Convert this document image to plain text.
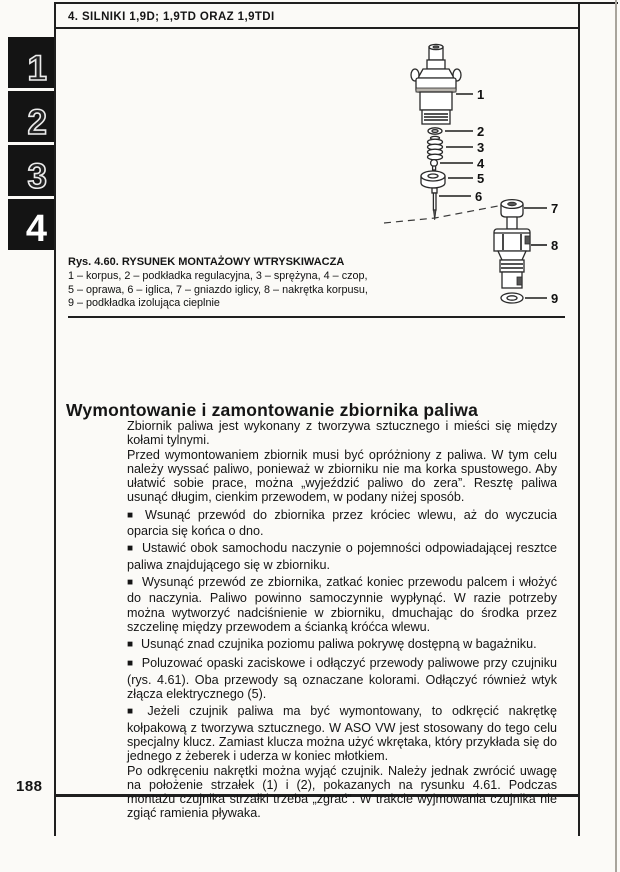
4. SILNIKI 1,9D; 1,9TD ORAZ 1,9TDI
1
2
3
4
1
2
3
4
5
6
7
8
9
Rys. 4.60. RYSUNEK MONTAŻOWY WTRYSKIWACZA
1 – korpus, 2 – podkładka regulacyjna, 3 – sprężyna, 4 – czop,
5 – oprawa, 6 – iglica, 7 – gniazdo iglicy, 8 – nakrętka korpusu,
9 – podkładka izolująca cieplnie
Wymontowanie i zamontowanie zbiornika paliwa

Zbiornik paliwa jest wykonany z tworzywa sztucznego i mieści się między kołami tylnymi.

Przed wymontowaniem zbiornik musi być opróżniony z paliwa. W tym celu należy wyssać paliwo, ponieważ w zbiorniku nie ma korka spustowego. Aby ułatwić sobie prace, można „wyjeździć paliwo do zera”. Resztę paliwa usunąć długim, cienkim przewodem, w podany niżej sposób.

■ Wsunąć przewód do zbiornika przez króciec wlewu, aż do wyczucia oparcia się końca o dno.

■ Ustawić obok samochodu naczynie o pojemności odpowiadającej resztce paliwa znajdującego się w zbiorniku.

■ Wysunąć przewód ze zbiornika, zatkać koniec przewodu palcem i włożyć do naczynia. Paliwo powinno samoczynnie wypłynąć. W razie potrzeby można wytworzyć nadciśnienie w zbiorniku, dmuchając do środka przez szczelinę między przewodem a ścianką króćca wlewu.

■ Usunąć znad czujnika poziomu paliwa pokrywę dostępną w bagażniku.

■ Poluzować opaski zaciskowe i odłączyć przewody paliwowe przy czujniku (rys. 4.61). Oba przewody są oznaczane kolorami. Odłączyć również wtyk złącza elektrycznego (5).

■ Jeżeli czujnik paliwa ma być wymontowany, to odkręcić nakrętkę kołpakową z tworzywa sztucznego. W ASO VW jest stosowany do tego celu specjalny klucz. Zamiast klucza można użyć wkrętaka, który przykłada się do jednego z żeberek i uderza w koniec młotkiem.

Po odkręceniu nakrętki można wyjąć czujnik. Należy jednak zwrócić uwagę na położenie strzałek (1) i (2), pokazanych na rysunku 4.61. Podczas montażu czujnika strzałki trzeba „zgrać”. W trakcie wyjmowania czujnika nie zgiąć ramienia pływaka.

188
